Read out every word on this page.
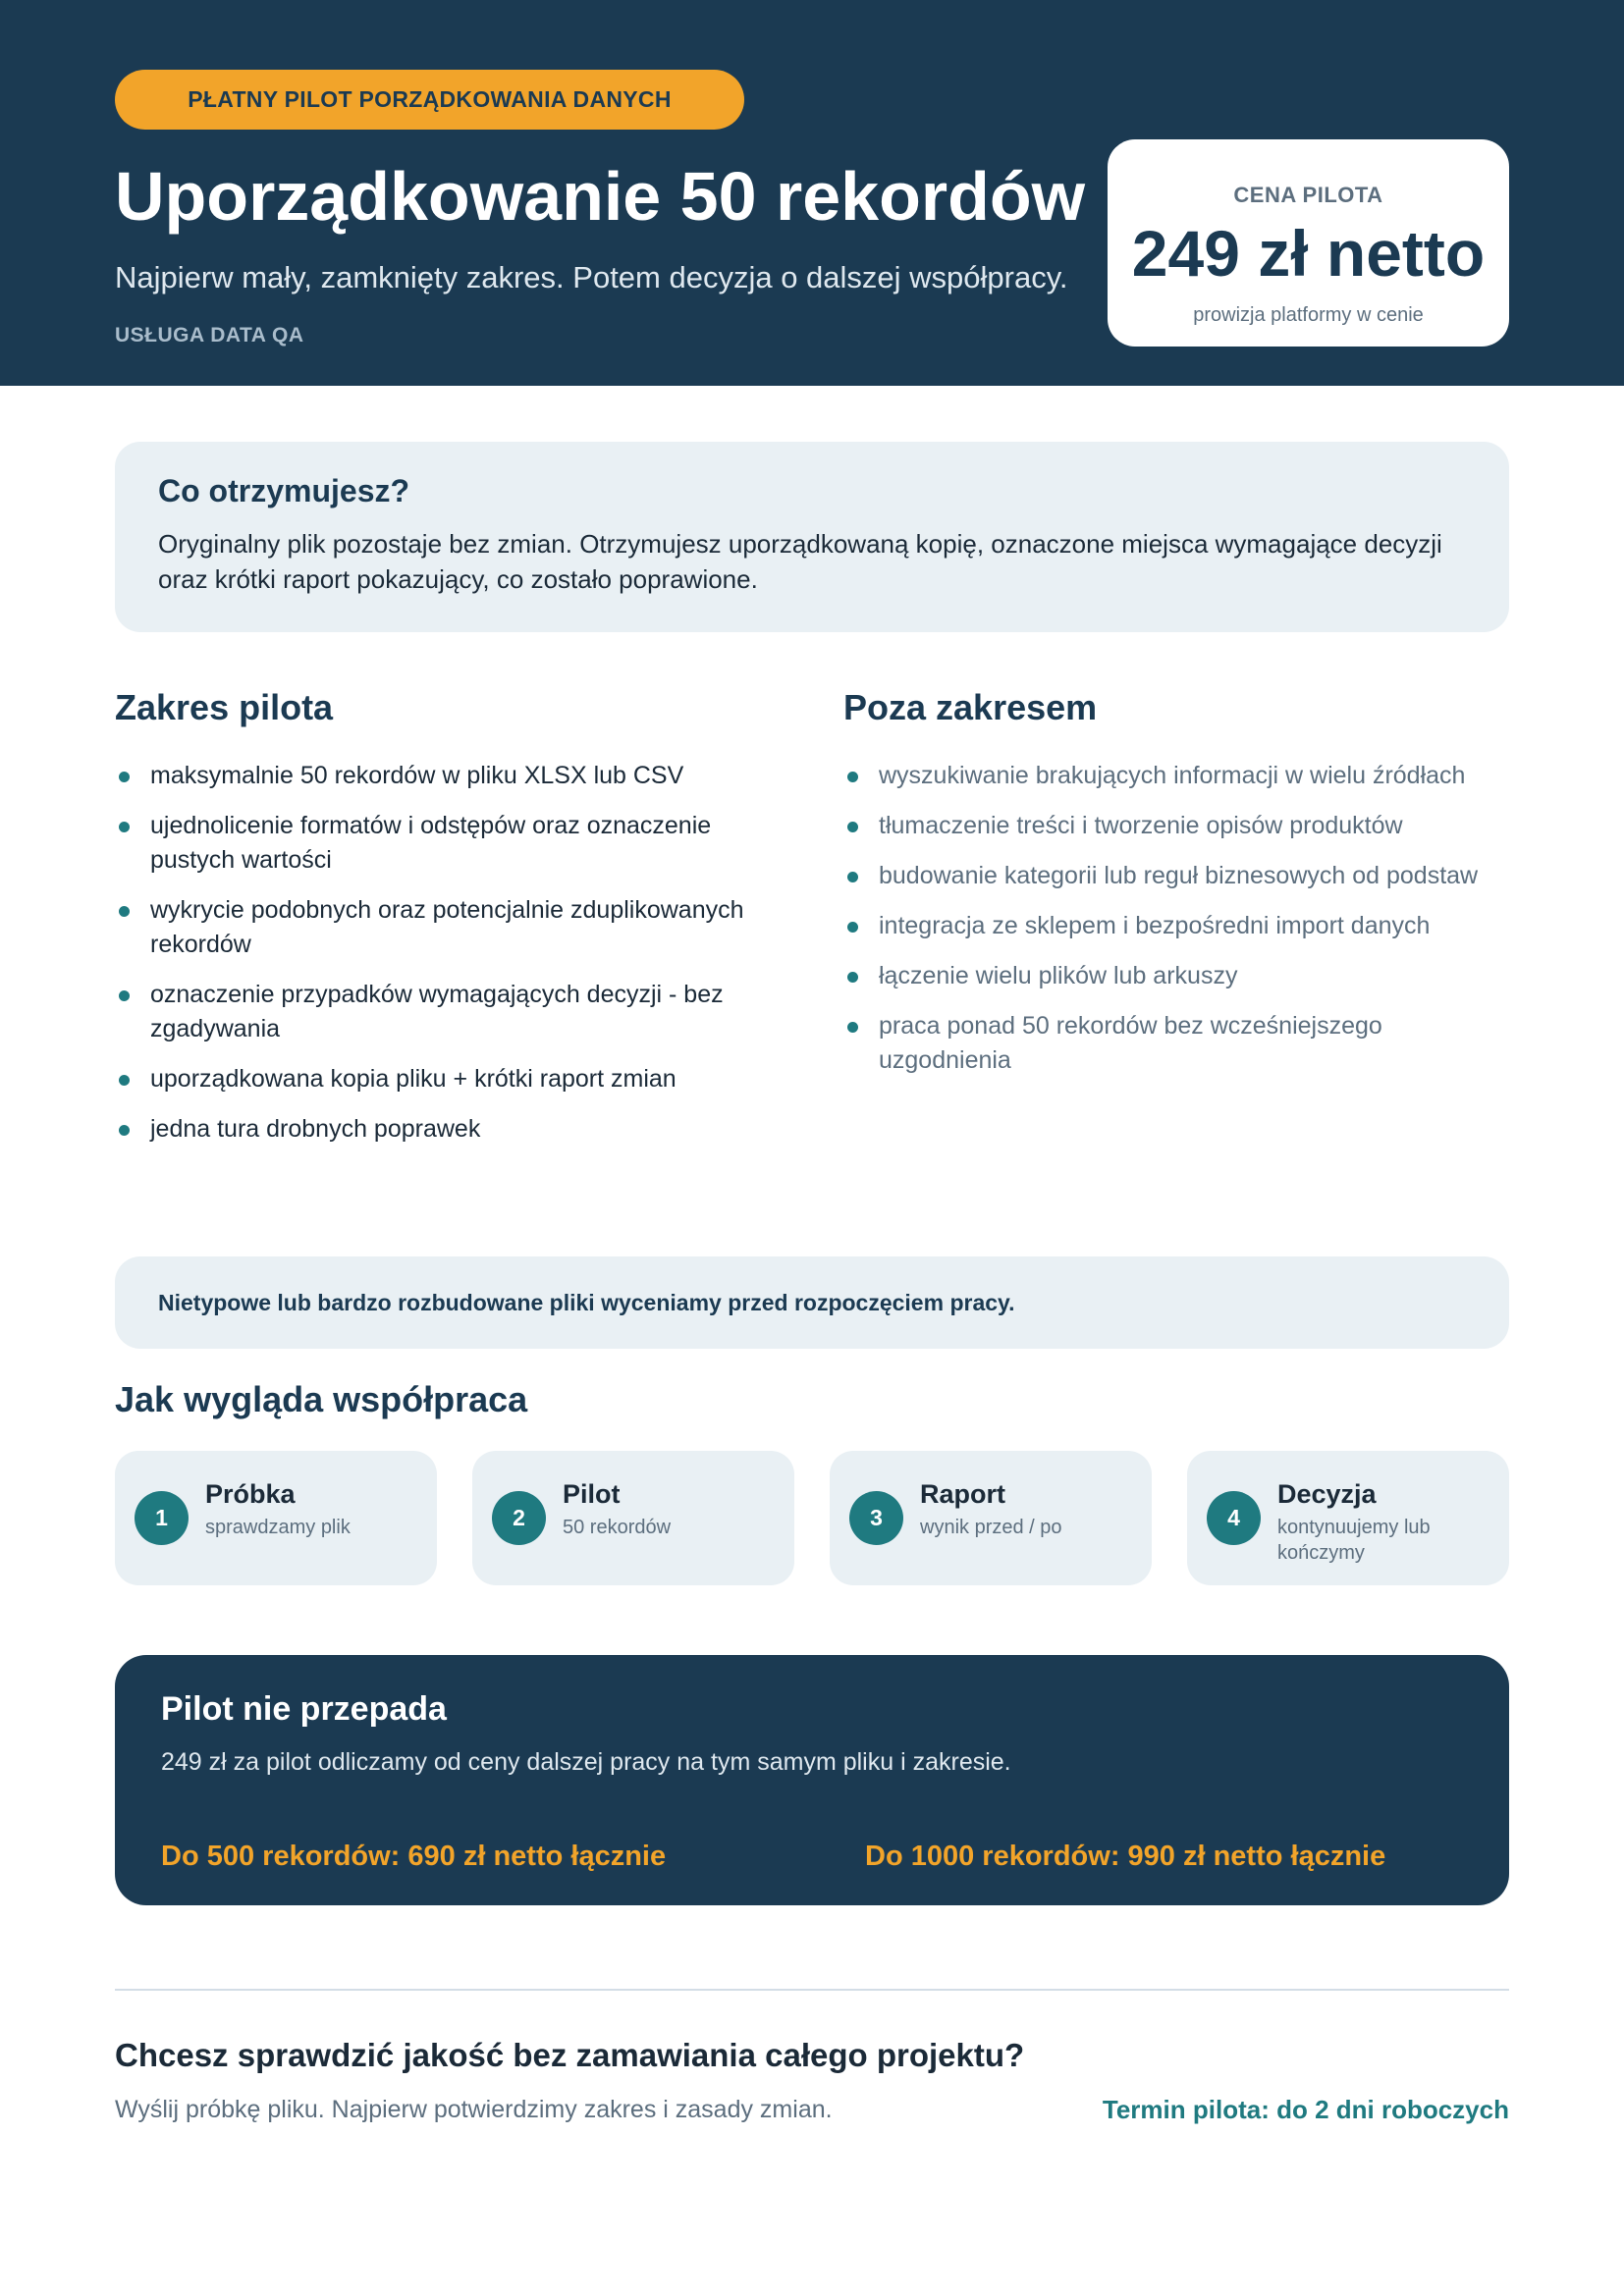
PŁATNY PILOT PORZĄDKOWANIA DANYCH
Uporządkowanie 50 rekordów
Najpierw mały, zamknięty zakres. Potem decyzja o dalszej współpracy.
USŁUGA DATA QA
CENA PILOTA
249 zł netto
prowizja platformy w cenie
Co otrzymujesz?

Oryginalny plik pozostaje bez zmian. Otrzymujesz uporządkowaną kopię, oznaczone miejsca wymagające decyzji oraz krótki raport pokazujący, co zostało poprawione.

Zakres pilota
maksymalnie 50 rekordów w pliku XLSX lub CSV
ujednolicenie formatów i odstępów oraz oznaczenie pustych wartości
wykrycie podobnych oraz potencjalnie zduplikowanych rekordów
oznaczenie przypadków wymagających decyzji - bez zgadywania
uporządkowana kopia pliku + krótki raport zmian
jedna tura drobnych poprawek
Poza zakresem
wyszukiwanie brakujących informacji w wielu źródłach
tłumaczenie treści i tworzenie opisów produktów
budowanie kategorii lub reguł biznesowych od podstaw
integracja ze sklepem i bezpośredni import danych
łączenie wielu plików lub arkuszy
praca ponad 50 rekordów bez wcześniejszego uzgodnienia
Nietypowe lub bardzo rozbudowane pliki wyceniamy przed rozpoczęciem pracy.
Jak wygląda współpraca
1
Próbka
sprawdzamy plik	2
Pilot
50 rekordów	3
Raport
wynik przed / po	4
Decyzja
kontynuujemy lub kończymy
Pilot nie przepada
249 zł za pilot odliczamy od ceny dalszej pracy na tym samym pliku i zakresie.
Do 500 rekordów: 690 zł netto łącznie	Do 1000 rekordów: 990 zł netto łącznie
Chcesz sprawdzić jakość bez zamawiania całego projektu?
Wyślij próbkę pliku. Najpierw potwierdzimy zakres i zasady zmian.	Termin pilota: do 2 dni roboczych
